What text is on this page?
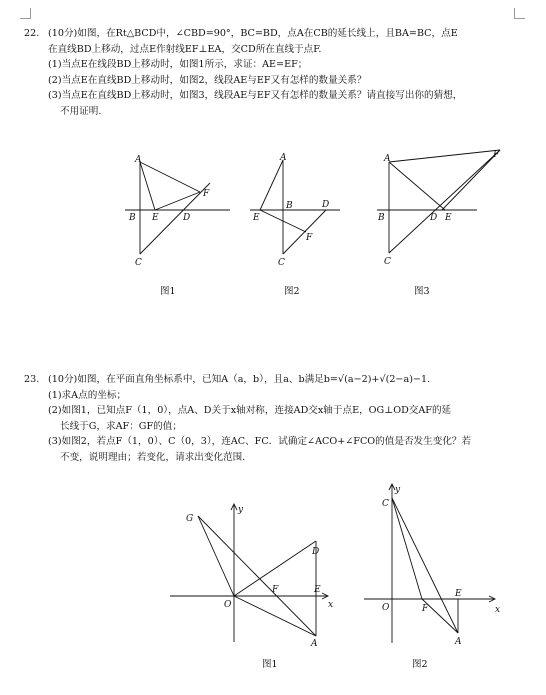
22. (10分)如图，在Rt△BCD中，∠CBD=90°，BC=BD，点A在CB的延长线上，且BA=BC，点E
在直线BD上移动，过点E作射线EF⊥EA，交CD所在直线于点F.
(1)当点E在线段BD上移动时，如图1所示，求证：AE=EF；
(2)当点E在直线BD上移动时，如图2，线段AE与EF又有怎样的数量关系？
(3)当点E在直线BD上移动时，如图3，线段AE与EF又有怎样的数量关系？请直接写出你的猜想，
不用证明.
A
F
B E	D
C
图1
A
E
B	D
F
C
图2
A	F
B	D E
C
图3
23. (10分)如图，在平面直角坐标系中，已知A（a，b），且a、b满足b=√(a−2)+√(2−a)−1.
(1)求A点的坐标；
(2)如图1，已知点F（1，0），点A、D关于x轴对称，连接AD交x轴于点E，OG⊥OD交AF的延
长线于G，求AF：GF的值；
(3)如图2，若点F（1，0）、C（0，3），连AC、FC．试确定∠ACO+∠FCO的值是否发生变化？若
不变，说明理由；若变化，请求出变化范围.
G
y
D
F	E
O	x
A
图1
C
y
O	F
E
x
A
图2
